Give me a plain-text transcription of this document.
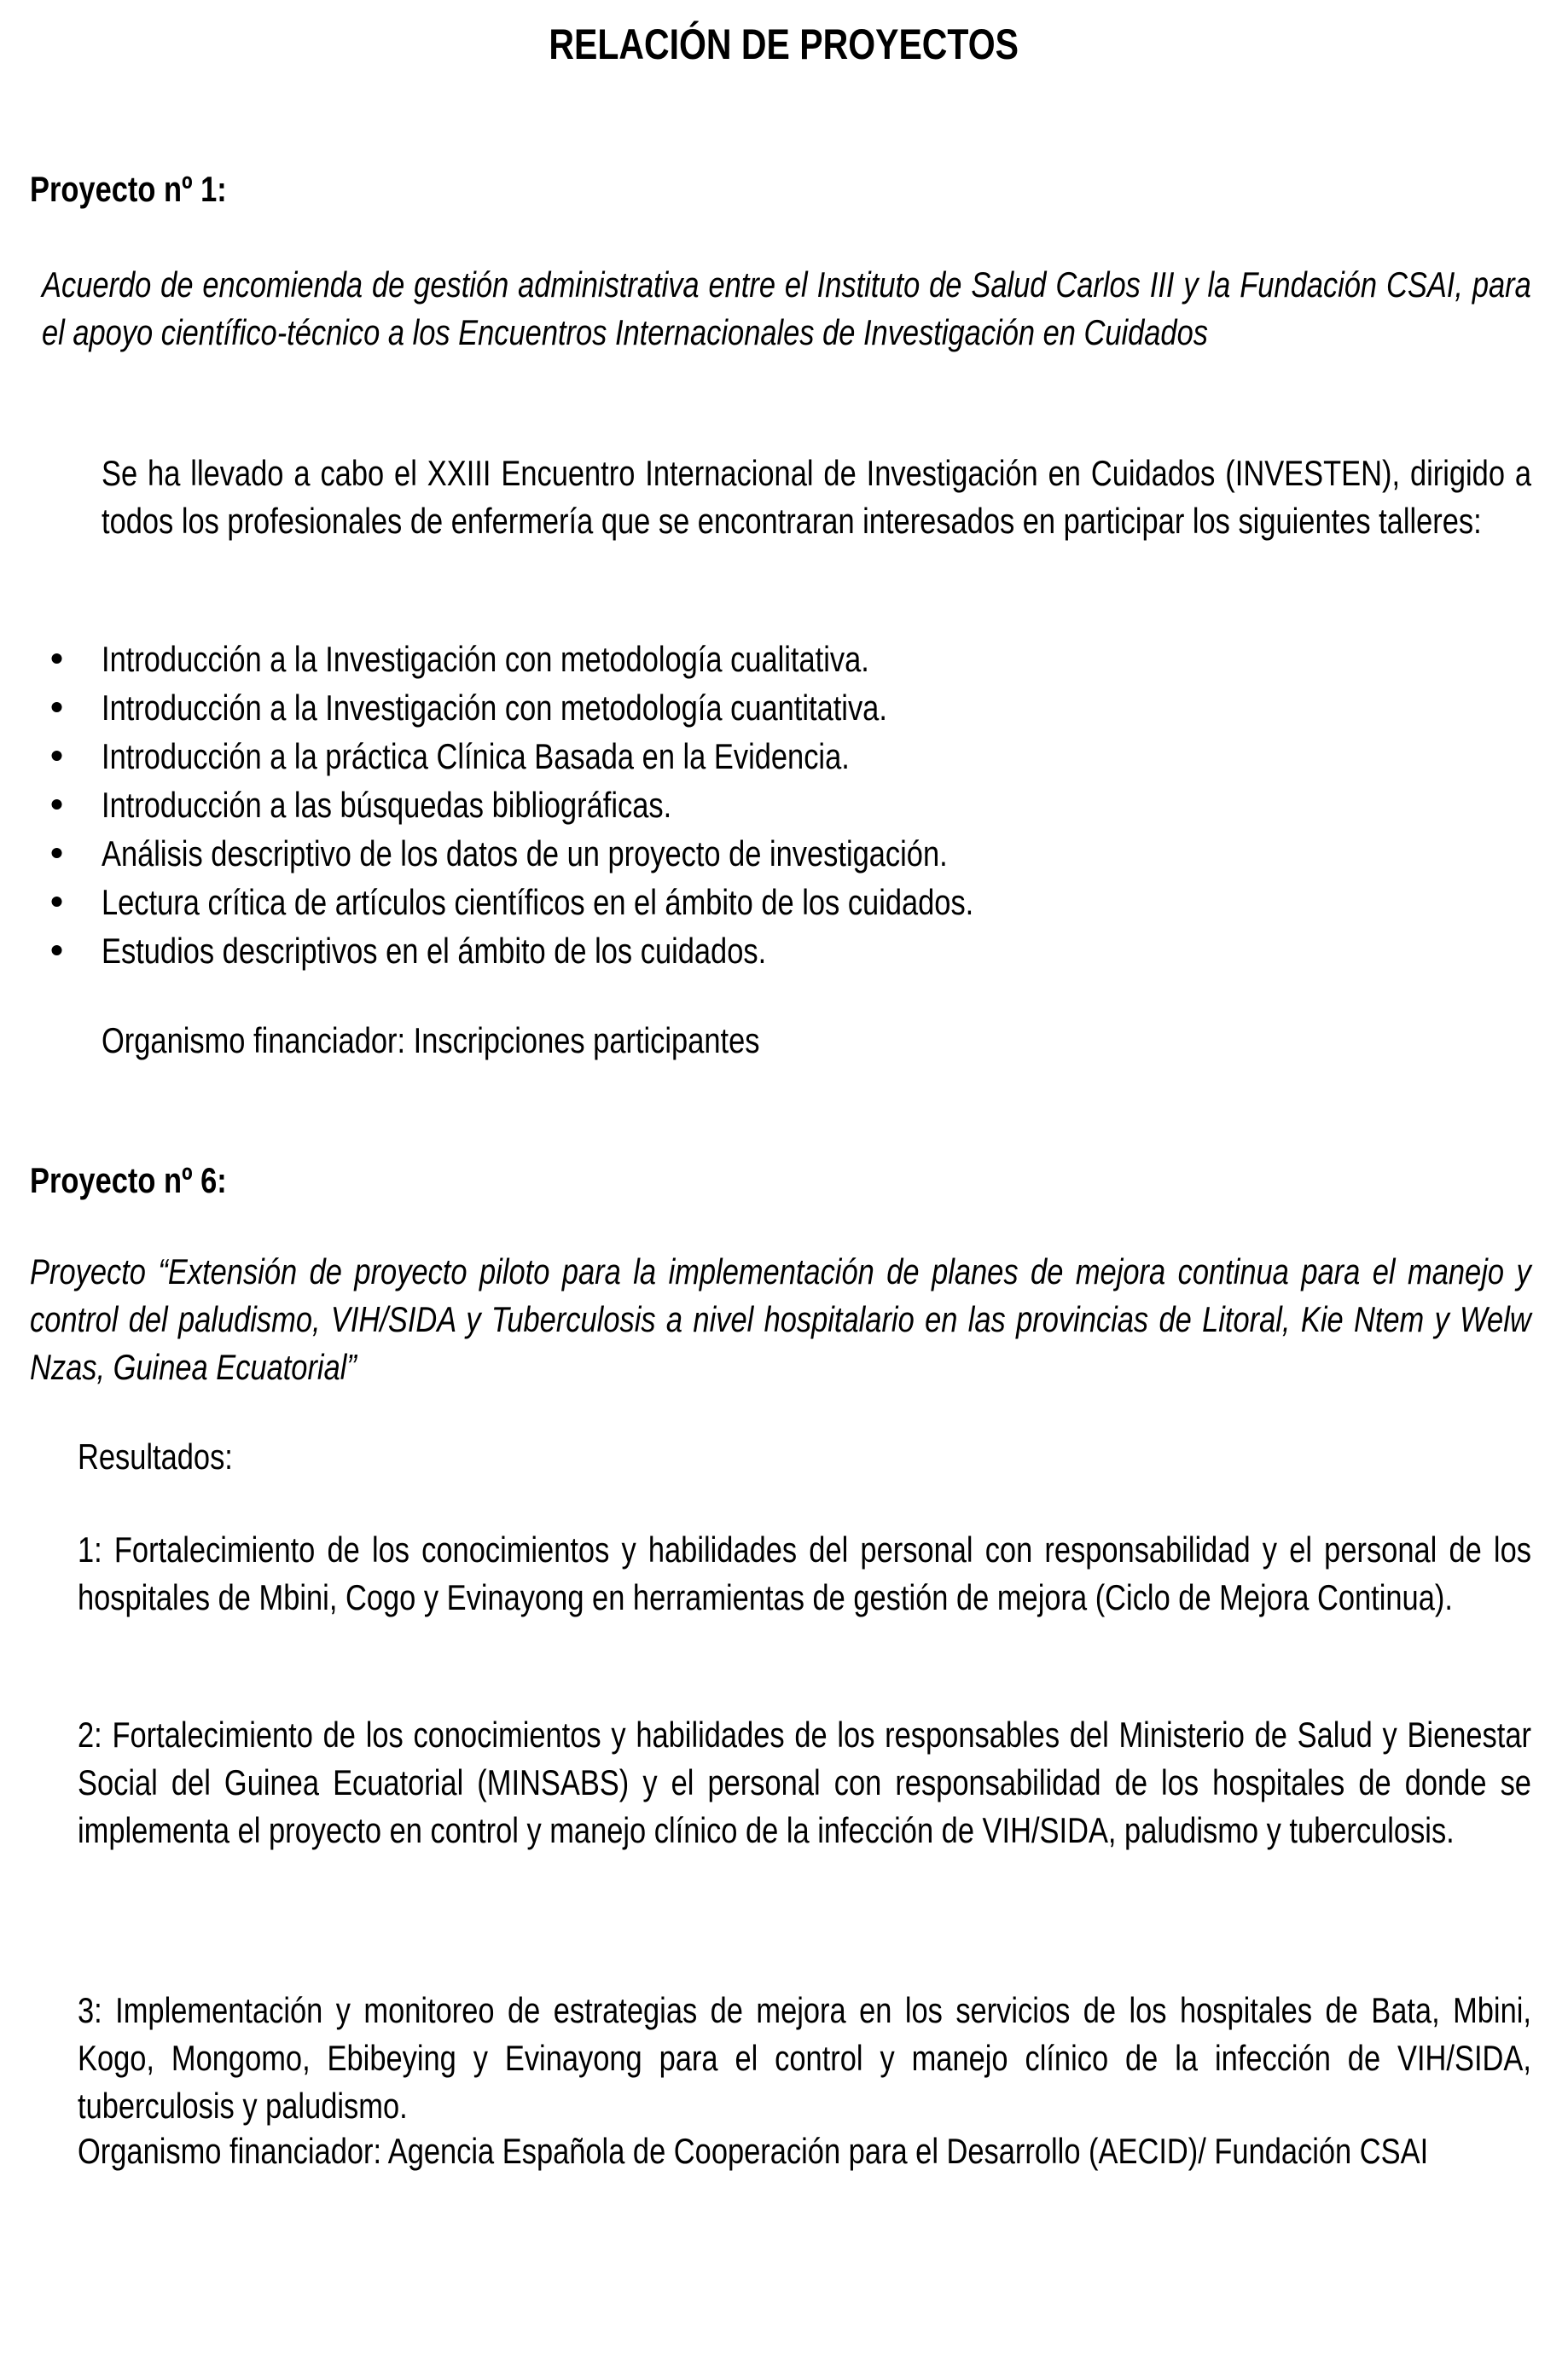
RELACIÓN DE PROYECTOS
Proyecto nº 1:

Acuerdo de encomienda de gestión administrativa entre el Instituto de Salud Carlos III y la Fundación CSAI, para el apoyo científico-técnico a los Encuentros Internacionales de Investigación en Cuidados

Se ha llevado a cabo el XXIII Encuentro Internacional de Investigación en Cuidados (INVESTEN), dirigido a todos los profesionales de enfermería que se encontraran interesados en participar los siguientes talleres:

Introducción a la Investigación con metodología cualitativa.
Introducción a la Investigación con metodología cuantitativa.
Introducción a la práctica Clínica Basada en la Evidencia.
Introducción a las búsquedas bibliográficas.
Análisis descriptivo de los datos de un proyecto de investigación.
Lectura crítica de artículos científicos en el ámbito de los cuidados.
Estudios descriptivos en el ámbito de los cuidados.

Organismo financiador: Inscripciones participantes

Proyecto nº 6:

Proyecto “Extensión de proyecto piloto para la implementación de planes de mejora continua para el manejo y control del paludismo, VIH/SIDA y Tuberculosis a nivel hospitalario en las provincias de Litoral, Kie Ntem y Welw Nzas, Guinea Ecuatorial”

Resultados:

1: Fortalecimiento de los conocimientos y habilidades del personal con responsabilidad y el personal de los hospitales de Mbini, Cogo y Evinayong en herramientas de gestión de mejora (Ciclo de Mejora Continua).

2: Fortalecimiento de los conocimientos y habilidades de los responsables del Ministerio de Salud y Bienestar Social del Guinea Ecuatorial (MINSABS) y el personal con responsabilidad de los hospitales de donde se implementa el proyecto en control y manejo clínico de la infección de VIH/SIDA, paludismo y tuberculosis.

3: Implementación y monitoreo de estrategias de mejora en los servicios de los hospitales de Bata, Mbini, Kogo, Mongomo, Ebibeying y Evinayong para el control y manejo clínico de la infección de VIH/SIDA, tuberculosis y paludismo.

Organismo financiador: Agencia Española de Cooperación para el Desarrollo (AECID)/ Fundación CSAI
